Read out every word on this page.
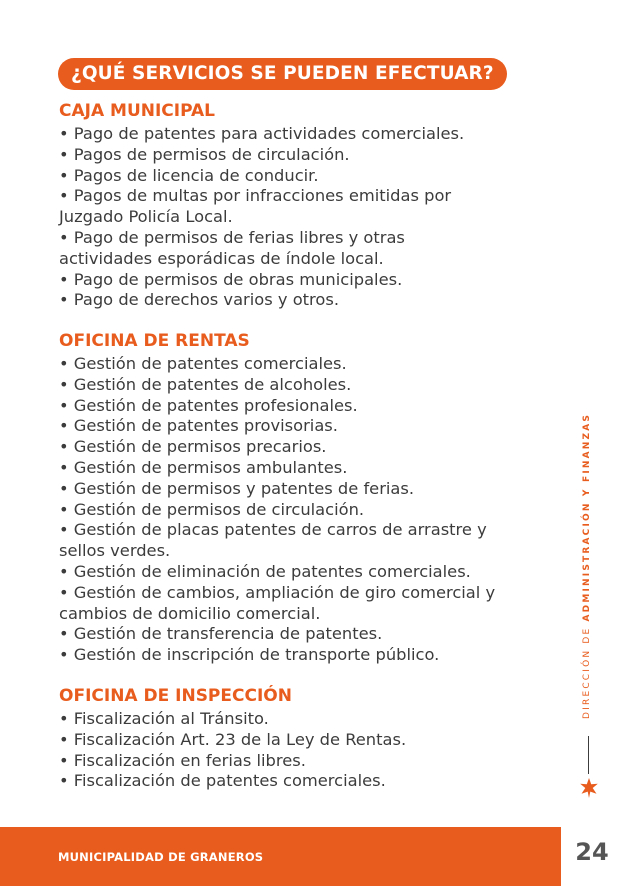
¿QUÉ SERVICIOS SE PUEDEN EFECTUAR?
CAJA MUNICIPAL
• Pago de patentes para actividades comerciales.
• Pagos de permisos de circulación.
• Pagos de licencia de conducir.
• Pagos de multas por infracciones emitidas por
Juzgado Policía Local.
• Pago de permisos de ferias libres y otras
actividades esporádicas de índole local.
• Pago de permisos de obras municipales.
• Pago de derechos varios y otros.
OFICINA DE RENTAS
• Gestión de patentes comerciales.
• Gestión de patentes de alcoholes.
• Gestión de patentes profesionales.
• Gestión de patentes provisorias.
• Gestión de permisos precarios.
• Gestión de permisos ambulantes.
• Gestión de permisos y patentes de ferias.
• Gestión de permisos de circulación.
• Gestión de placas patentes de carros de arrastre y
sellos verdes.
• Gestión de eliminación de patentes comerciales.
• Gestión de cambios, ampliación de giro comercial y
cambios de domicilio comercial.
• Gestión de transferencia de patentes.
• Gestión de inscripción de transporte público.
OFICINA DE INSPECCIÓN
• Fiscalización al Tránsito.
• Fiscalización Art. 23 de la Ley de Rentas.
• Fiscalización en ferias libres.
• Fiscalización de patentes comerciales.
DIRECCIÓN DE ADMINISTRACIÓN Y FINANZAS
MUNICIPALIDAD DE GRANEROS	24
